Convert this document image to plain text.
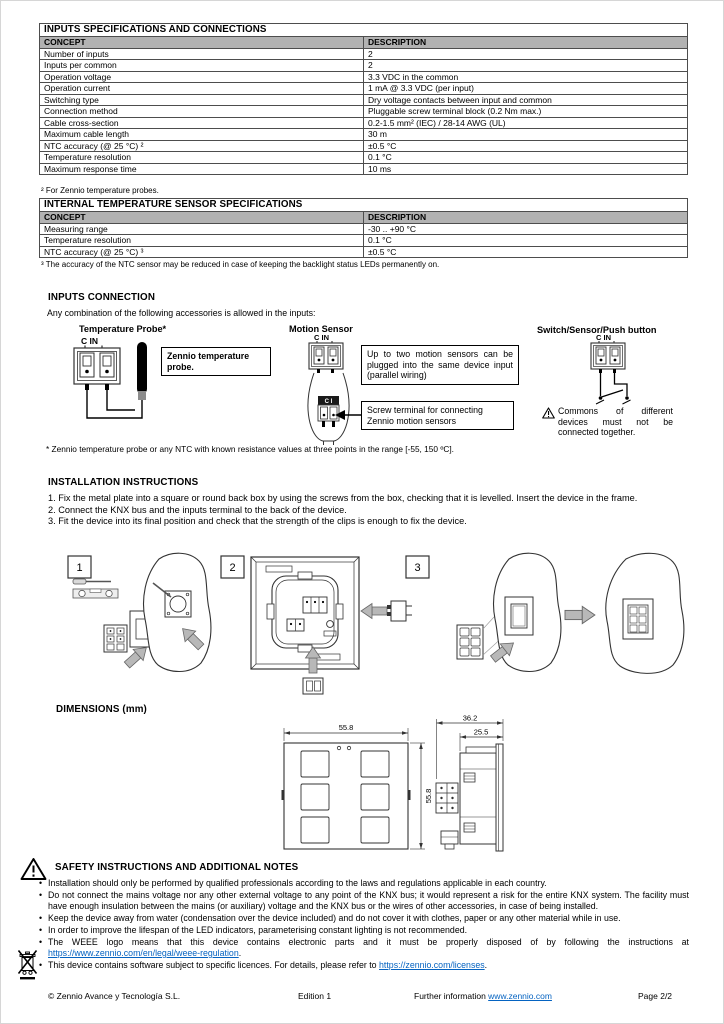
INPUTS SPECIFICATIONS AND CONNECTIONS	
CONCEPT	DESCRIPTION
Number of inputs	2
Inputs per common	2
Operation voltage	3.3 VDC in the common
Operation current	1 mA @ 3.3 VDC (per input)
Switching type	Dry voltage contacts between input and common
Connection method	Pluggable screw terminal block (0.2 Nm max.)
Cable cross-section	0.2-1.5 mm² (IEC) / 28-14 AWG (UL)
Maximum cable length	30 m
NTC accuracy (@ 25 °C) ²	±0.5 °C
Temperature resolution	0.1 °C
Maximum response time	10 ms
² For Zennio temperature probes.
INTERNAL TEMPERATURE SENSOR SPECIFICATIONS	
CONCEPT	DESCRIPTION
Measuring range	-30 .. +90 °C
Temperature resolution	0.1 °C
NTC accuracy (@ 25 °C) ³	±0.5 °C
³ The accuracy of the NTC sensor may be reduced in case of keeping the backlight status LEDs permanently on.
INPUTS CONNECTION
Any combination of the following accessories is allowed in the inputs:
Temperature Probe*	Motion Sensor	Switch/Sensor/Push button
C IN
Zennio temperature probe.
C IN
C I
Up to two motion sensors can be plugged into the same device input (parallel wiring)
Screw terminal for connecting Zennio motion sensors
C IN
Commons of different devices must not be connected together.
* Zennio temperature probe or any NTC with known resistance values at three points in the range [-55, 150 ºC].
INSTALLATION INSTRUCTIONS

1. Fix the metal plate into a square or round back box by using the screws from the box, checking that it is levelled. Insert the device in the frame.

2. Connect the KNX bus and the inputs terminal to the back of the device.

3. Fit the device into its final position and check that the strength of the clips is enough to fix the device.

1	2	3
DIMENSIONS (mm)
55.8
55.8
36.2
25.5
SAFETY INSTRUCTIONS AND ADDITIONAL NOTES
• Installation should only be performed by qualified professionals according to the laws and regulations applicable in each country.
• Do not connect the mains voltage nor any other external voltage to any point of the KNX bus; it would represent a risk for the entire KNX system. The facility must have enough insulation between the mains (or auxiliary) voltage and the KNX bus or the wires of other accessories, in case of being installed.
• Keep the device away from water (condensation over the device included) and do not cover it with clothes, paper or any other material while in use.
• In order to improve the lifespan of the LED indicators, parameterising constant lighting is not recommended.
• The WEEE logo means that this device contains electronic parts and it must be properly disposed of by following the instructions at https://www.zennio.com/en/legal/weee-regulation.
• This device contains software subject to specific licences. For details, please refer to https://zennio.com/licenses.
© Zennio Avance y Tecnología S.L.	Edition 1	Further information www.zennio.com	Page 2/2
